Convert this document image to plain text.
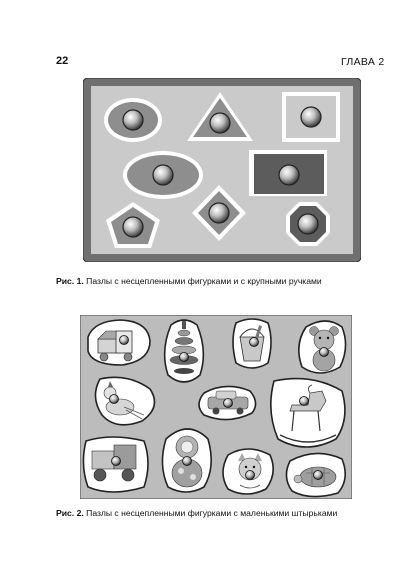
22	ГЛАВА 2
Рис. 1. Пазлы с несцепленными фигурками и с крупными ручками
Рис. 2. Пазлы с несцепленными фигурками с маленькими штырьками
